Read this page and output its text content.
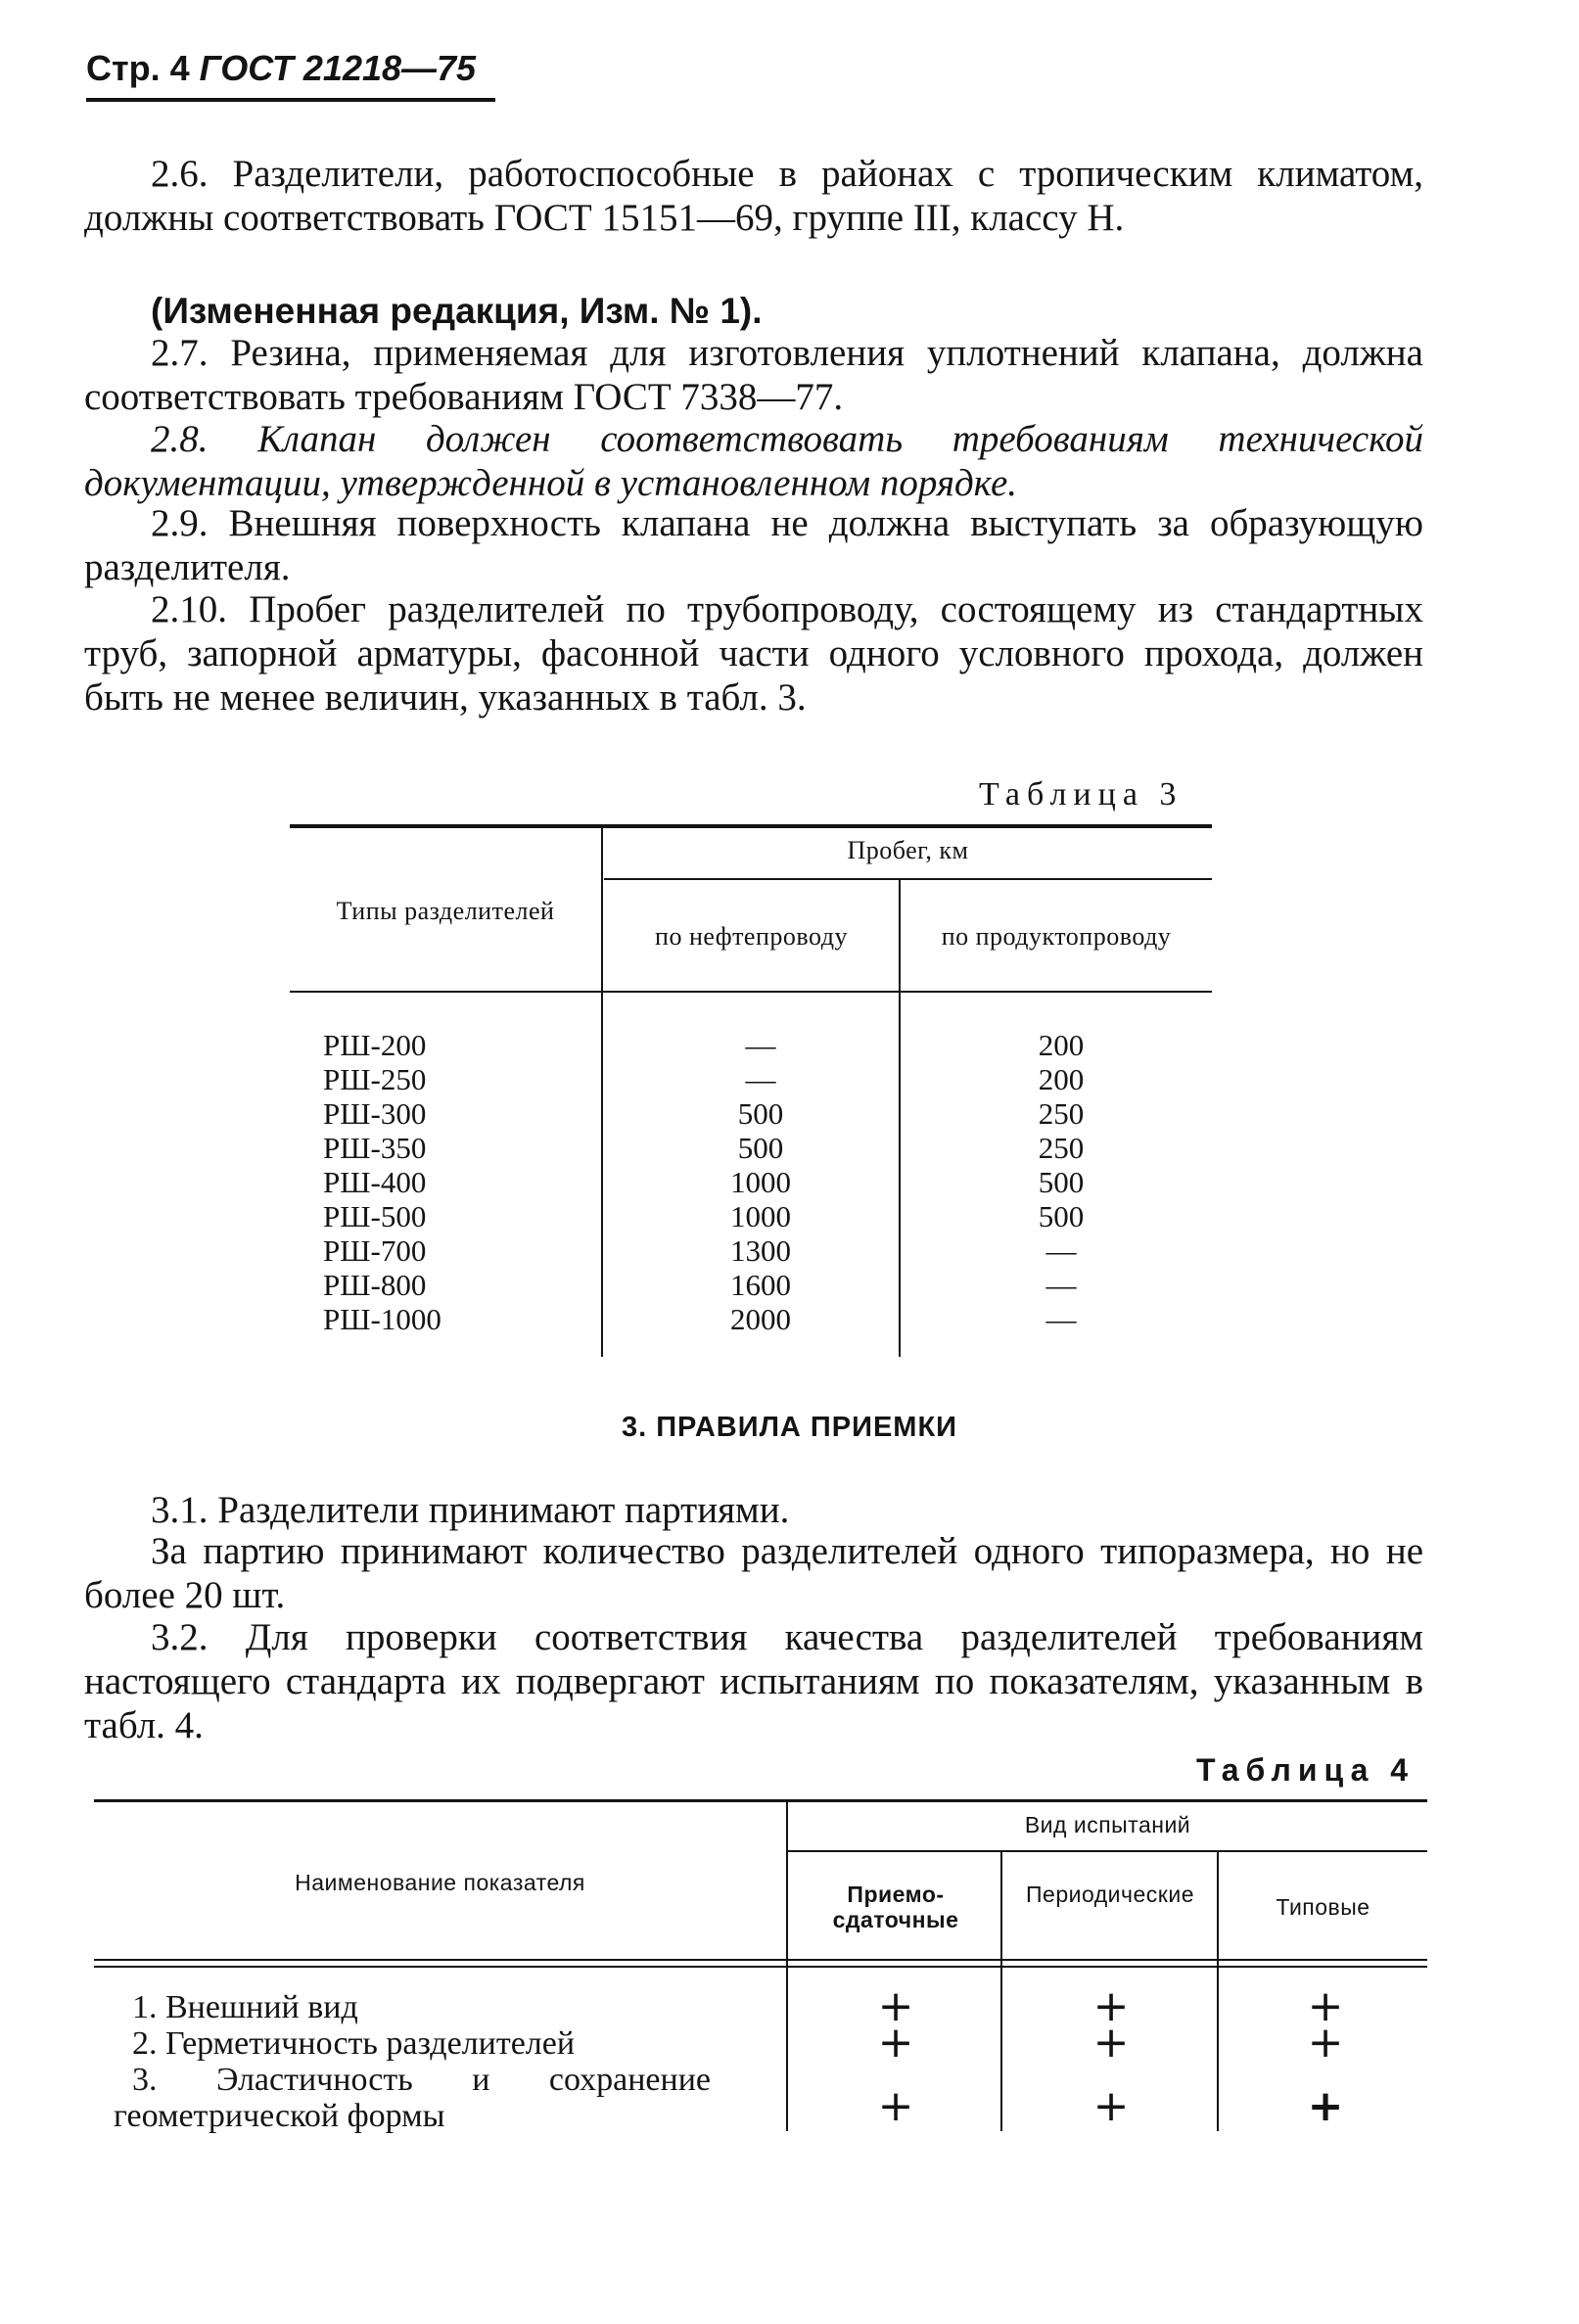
Стр. 4 ГОСТ 21218—75
2.6. Разделители, работоспособные в районах с тропическим климатом, должны соответствовать ГОСТ 15151—69, группе III, классу Н.
(Измененная редакция, Изм. № 1).
2.7. Резина, применяемая для изготовления уплотнений клапана, должна соответствовать требованиям ГОСТ 7338—77.
2.8. Клапан должен соответствовать требованиям технической документации, утвержденной в установленном порядке.
2.9. Внешняя поверхность клапана не должна выступать за образующую разделителя.
2.10. Пробег разделителей по трубопроводу, состоящему из стандартных труб, запорной арматуры, фасонной части одного условного прохода, должен быть не менее величин, указанных в табл. 3.
Таблица 3
Типы разделителей
Пробег, км
по нефтепроводу	по продуктопроводу
РШ-200	—	200
РШ-250	—	200
РШ-300	500	250
РШ-350	500	250
РШ-400	1000	500
РШ-500	1000	500
РШ-700	1300	—
РШ-800	1600	—
РШ-1000	2000	—
3. ПРАВИЛА ПРИЕМКИ
3.1. Разделители принимают партиями.
За партию принимают количество разделителей одного типоразмера, но не более 20 шт.
3.2. Для проверки соответствия качества разделителей требованиям настоящего стандарта их подвергают испытаниям по показателям, указанным в табл. 4.
Таблица 4
Наименование показателя
Вид испытаний
Приемо-сдаточные
Периодические	Типовые
1. Внешний вид	+	+	+
2. Герметичность разделителей	+	+	+
3. Эластичность и сохранение геометрической формы	+	+	+
